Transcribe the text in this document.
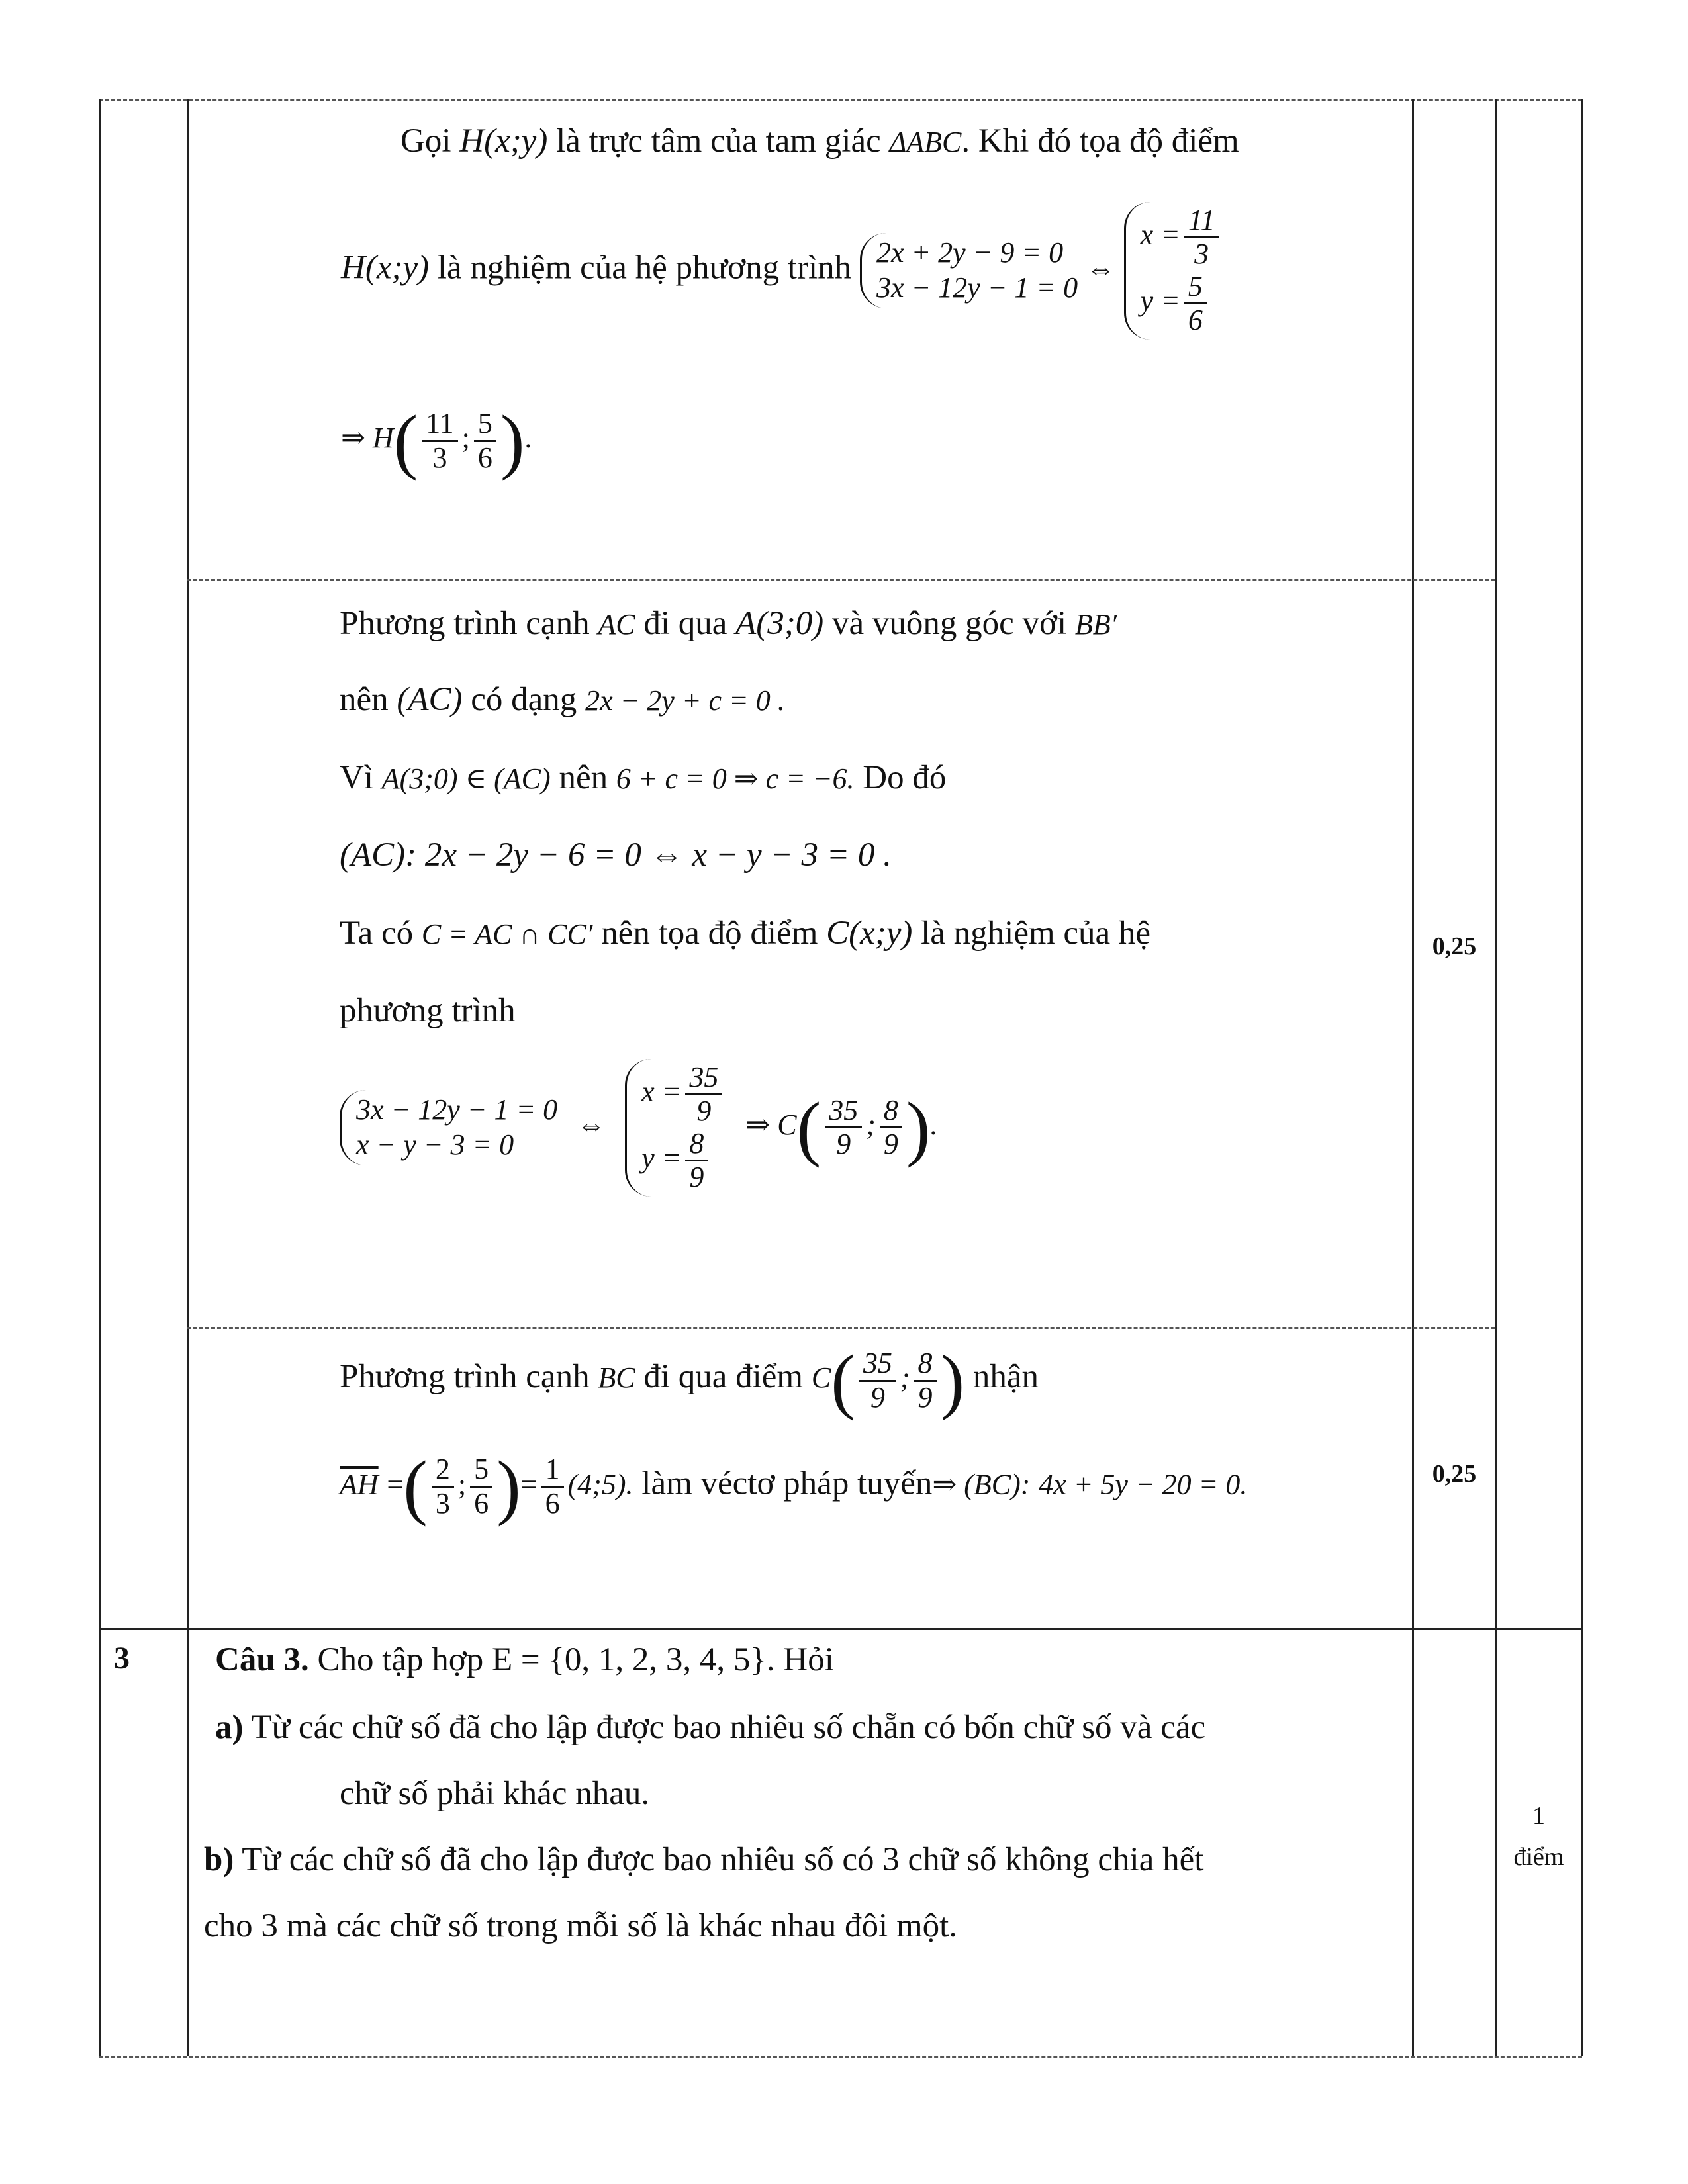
Gọi H(x;y) là trực tâm của tam giác ΔABC. Khi đó tọa độ điểm
H(x;y) là nghiệm của hệ phương trình 2x + 2y − 9 = 0
3x − 12y − 1 = 0
⇔
$x = \frac{11}{3}$
$y = \frac{5}{6}$
⇒ $H( \frac{11}{3}$ ; $\frac{5}{6}$ ).
Phương trình cạnh AC đi qua A(3;0) và vuông góc với BB′
nên (AC) có dạng 2x − 2y + c = 0 .
Vì A(3;0) ∈ (AC) nên 6 + c = 0 ⇒ c = −6. Do đó
(AC): 2x − 2y − 6 = 0 ⇔ x − y − 3 = 0 .
Ta có C = AC ∩ CC′ nên tọa độ điểm C(x;y) là nghiệm của hệ
phương trình
3x − 12y − 1 = 0
x − y − 3 = 0
⇔
$x = \frac{35}{9}$
$y = \frac{8}{9}$
⇒ $C( \frac{35}{9}$ ; $\frac{8}{9}$ ).
0,25
Phương trình cạnh BC đi qua điểm $C( \frac{35}{9}$ ; $\frac{8}{9}$ ) nhận
$\overline{AH}$ =( $\frac{2}{3}$ ; $\frac{5}{6}$ )= $\frac{1}{6}$ (4;5). làm véctơ pháp tuyến⇒ (BC): 4x + 5y − 20 = 0.	0,25
3	Câu 3. Cho tập hợp E = {0, 1, 2, 3, 4, 5}. Hỏi
a) Từ các chữ số đã cho lập được bao nhiêu số chẵn có bốn chữ số và các
chữ số phải khác nhau.
b) Từ các chữ số đã cho lập được bao nhiêu số có 3 chữ số không chia hết
cho 3 mà các chữ số trong mỗi số là khác nhau đôi một.
1
điểm
